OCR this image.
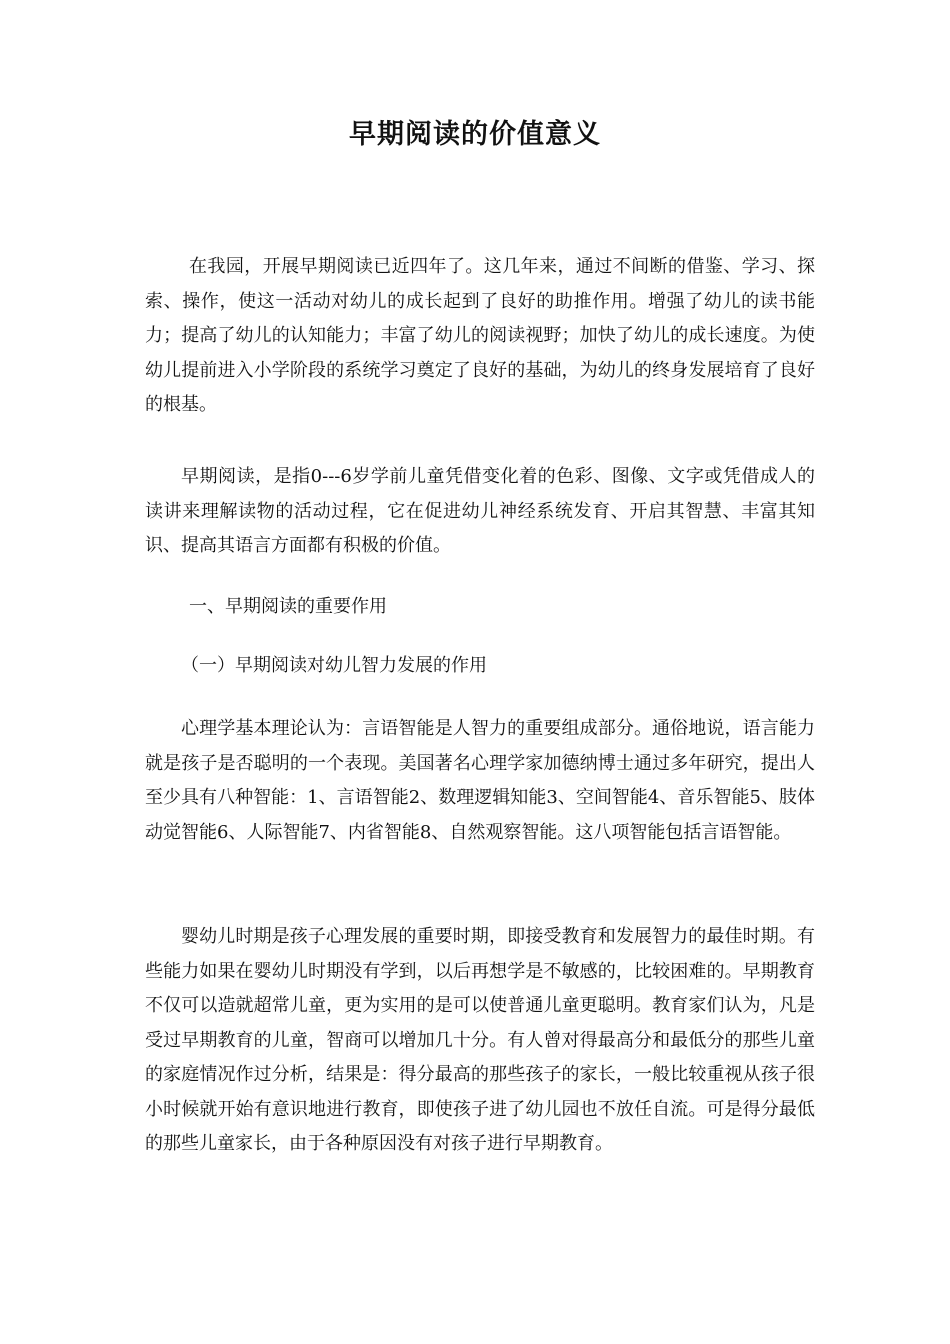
早期阅读的价值意义

在我园，开展早期阅读已近四年了。这几年来，通过不间断的借鉴、学习、探索、操作，使这一活动对幼儿的成长起到了良好的助推作用。增强了幼儿的读书能力；提高了幼儿的认知能力；丰富了幼儿的阅读视野；加快了幼儿的成长速度。为使幼儿提前进入小学阶段的系统学习奠定了良好的基础，为幼儿的终身发展培育了良好的根基。

早期阅读，是指0---6岁学前儿童凭借变化着的色彩、图像、文字或凭借成人的读讲来理解读物的活动过程，它在促进幼儿神经系统发育、开启其智慧、丰富其知识、提高其语言方面都有积极的价值。

一、早期阅读的重要作用

（一）早期阅读对幼儿智力发展的作用

心理学基本理论认为：言语智能是人智力的重要组成部分。通俗地说，语言能力就是孩子是否聪明的一个表现。美国著名心理学家加德纳博士通过多年研究，提出人至少具有八种智能：1、言语智能2、数理逻辑知能3、空间智能4、音乐智能5、肢体动觉智能6、人际智能7、内省智能8、自然观察智能。这八项智能包括言语智能。

婴幼儿时期是孩子心理发展的重要时期，即接受教育和发展智力的最佳时期。有些能力如果在婴幼儿时期没有学到，以后再想学是不敏感的，比较困难的。早期教育不仅可以造就超常儿童，更为实用的是可以使普通儿童更聪明。教育家们认为，凡是受过早期教育的儿童，智商可以增加几十分。有人曾对得最高分和最低分的那些儿童的家庭情况作过分析，结果是：得分最高的那些孩子的家长，一般比较重视从孩子很小时候就开始有意识地进行教育，即使孩子进了幼儿园也不放任自流。可是得分最低的那些儿童家长，由于各种原因没有对孩子进行早期教育。
